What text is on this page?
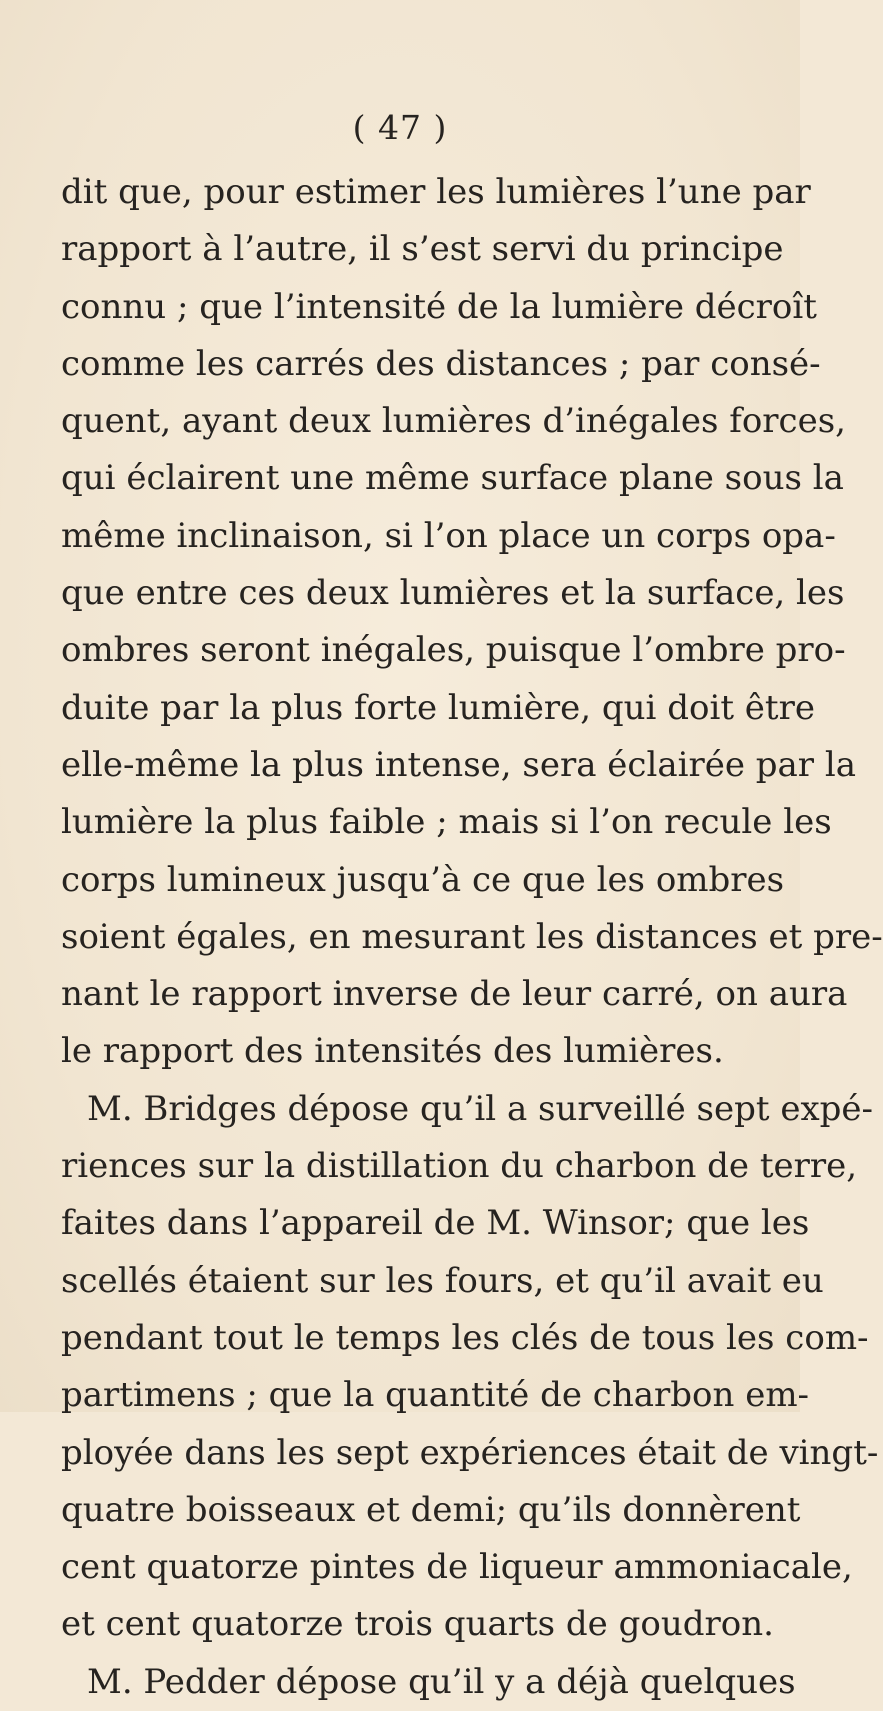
( 47 )
dit que, pour estimer les lumières l’une par
rapport à l’autre, il s’est servi du principe
connu ; que l’intensité de la lumière décroît
comme les carrés des distances ; par consé-
quent, ayant deux lumières d’inégales forces,
qui éclairent une même surface plane sous la
même inclinaison, si l’on place un corps opa-
que entre ces deux lumières et la surface, les
ombres seront inégales, puisque l’ombre pro-
duite par la plus forte lumière, qui doit être
elle-même la plus intense, sera éclairée par la
lumière la plus faible ; mais si l’on recule les
corps lumineux jusqu’à ce que les ombres
soient égales, en mesurant les distances et pre-
nant le rapport inverse de leur carré, on aura
le rapport des intensités des lumières.
M. Bridges dépose qu’il a surveillé sept expé-
riences sur la distillation du charbon de terre,
faites dans l’appareil de M. Winsor; que les
scellés étaient sur les fours, et qu’il avait eu
pendant tout le temps les clés de tous les com-
partimens ; que la quantité de charbon em-
ployée dans les sept expériences était de vingt-
quatre boisseaux et demi; qu’ils donnèrent
cent quatorze pintes de liqueur ammoniacale,
et cent quatorze trois quarts de goudron.
M. Pedder dépose qu’il y a déjà quelques
